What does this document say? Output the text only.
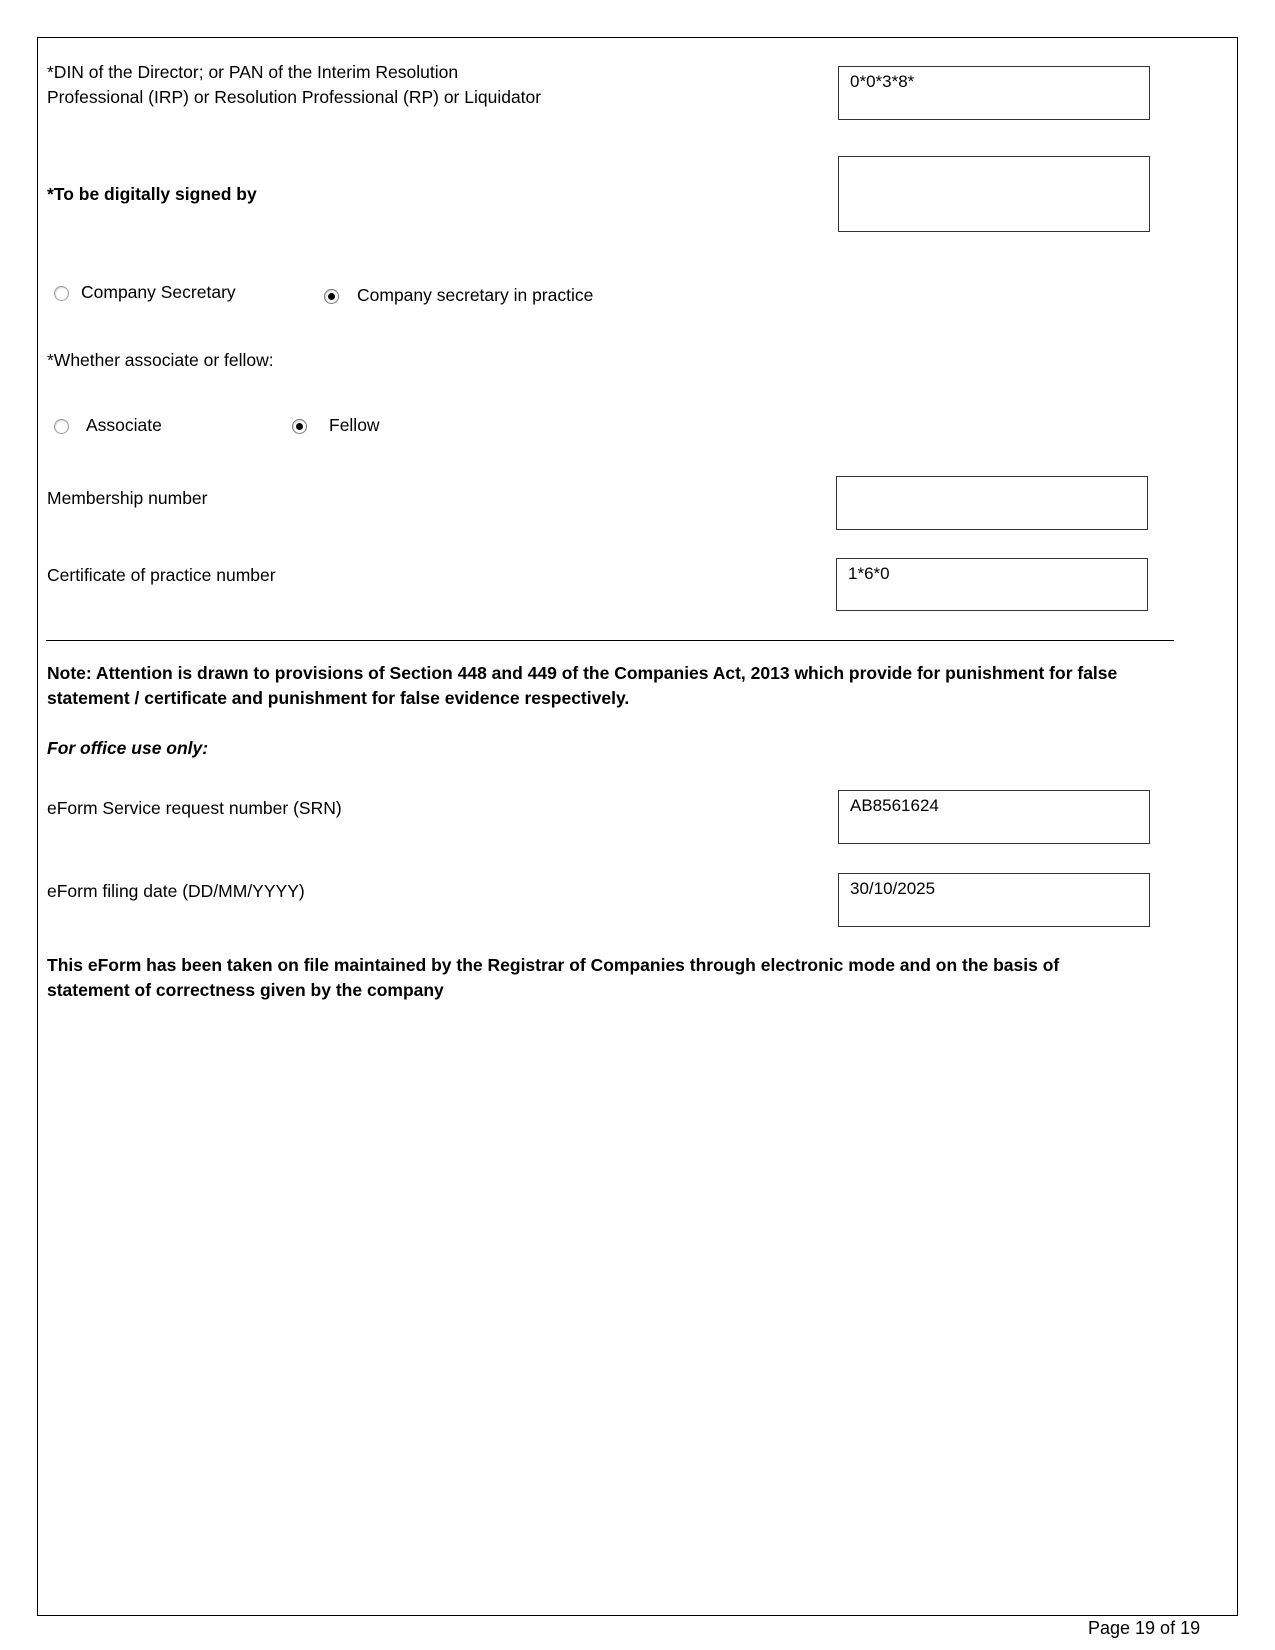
*DIN of the Director; or PAN of the Interim Resolution
Professional (IRP) or Resolution Professional (RP) or Liquidator
0*0*3*8*
*To be digitally signed by
Company Secretary	Company secretary in practice
*Whether associate or fellow:
Associate	Fellow
Membership number
Certificate of practice number	1*6*0
Note: Attention is drawn to provisions of Section 448 and 449 of the Companies Act, 2013 which provide for punishment for false
statement / certificate and punishment for false evidence respectively.
For office use only:
eForm Service request number (SRN)	AB8561624
eForm filing date (DD/MM/YYYY)	30/10/2025
This eForm has been taken on file maintained by the Registrar of Companies through electronic mode and on the basis of
statement of correctness given by the company
Page 19 of 19
